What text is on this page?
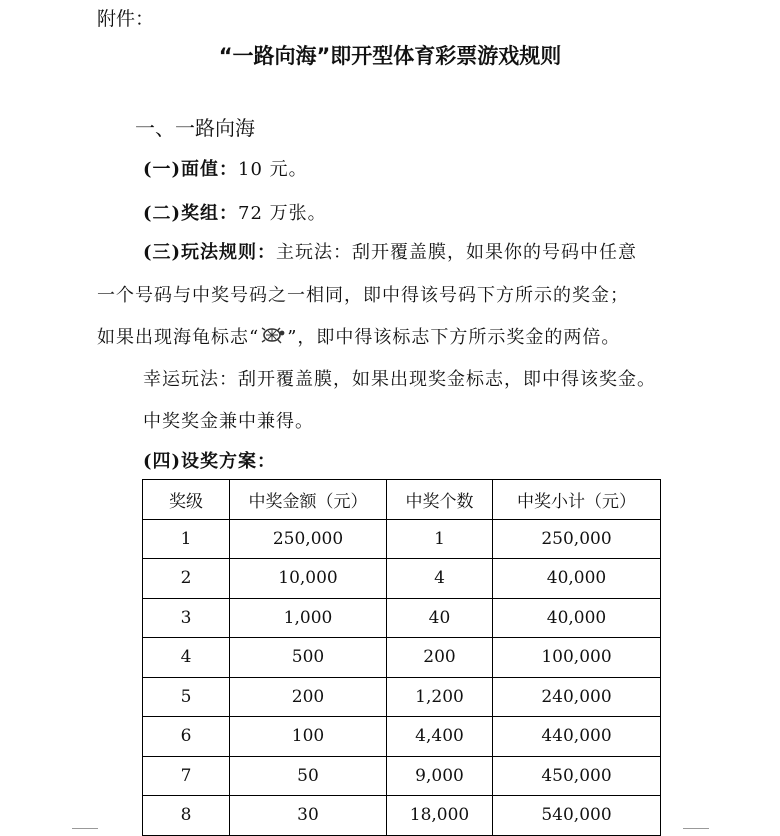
附件：
“一路向海”即开型体育彩票游戏规则
一、一路向海
(一)面值：10 元。
(二)奖组：72 万张。
(三)玩法规则：主玩法：刮开覆盖膜，如果你的号码中任意
一个号码与中奖号码之一相同，即中得该号码下方所示的奖金；
如果出现海龟标志“ ”，即中得该标志下方所示奖金的两倍。
幸运玩法：刮开覆盖膜，如果出现奖金标志，即中得该奖金。
中奖奖金兼中兼得。
(四)设奖方案：
奖级	中奖金额（元）	中奖个数	中奖小计（元）
1	250,000	1	250,000
2	10,000	4	40,000
3	1,000	40	40,000
4	500	200	100,000
5	200	1,200	240,000
6	100	4,400	440,000
7	50	9,000	450,000
8	30	18,000	540,000
